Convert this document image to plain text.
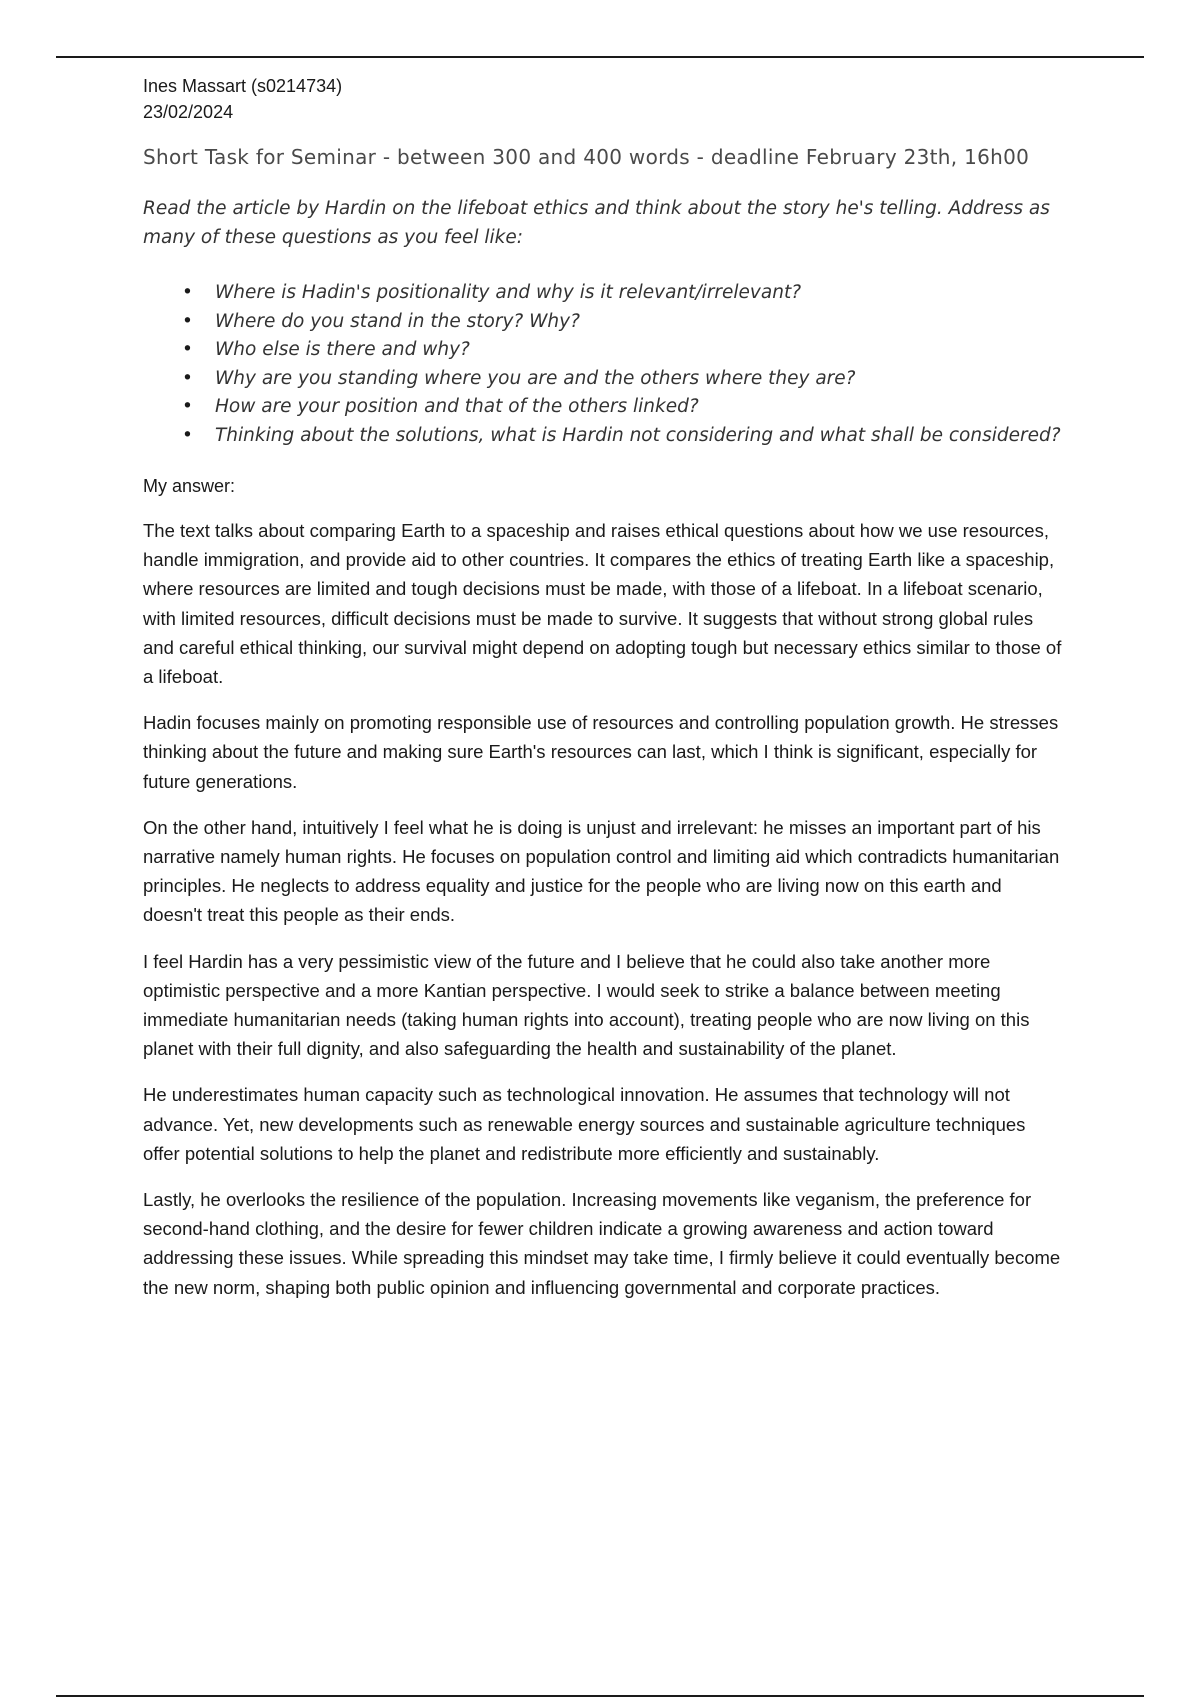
Ines Massart (s0214734)

23/02/2024

Short Task for Seminar - between 300 and 400 words - deadline February 23th, 16h00

Read the article by Hardin on the lifeboat ethics and think about the story he's telling. Address as many of these questions as you feel like:

• Where is Hadin's positionality and why is it relevant/irrelevant?
• Where do you stand in the story? Why?
• Who else is there and why?
• Why are you standing where you are and the others where they are?
• How are your position and that of the others linked?
• Thinking about the solutions, what is Hardin not considering and what shall be considered?

My answer:

The text talks about comparing Earth to a spaceship and raises ethical questions about how we use resources, handle immigration, and provide aid to other countries. It compares the ethics of treating Earth like a spaceship, where resources are limited and tough decisions must be made, with those of a lifeboat. In a lifeboat scenario, with limited resources, difficult decisions must be made to survive. It suggests that without strong global rules and careful ethical thinking, our survival might depend on adopting tough but necessary ethics similar to those of a lifeboat.

Hadin focuses mainly on promoting responsible use of resources and controlling population growth. He stresses thinking about the future and making sure Earth's resources can last, which I think is significant, especially for future generations.

On the other hand, intuitively I feel what he is doing is unjust and irrelevant: he misses an important part of his narrative namely human rights. He focuses on population control and limiting aid which contradicts humanitarian principles. He neglects to address equality and justice for the people who are living now on this earth and doesn't treat this people as their ends.

I feel Hardin has a very pessimistic view of the future and I believe that he could also take another more optimistic perspective and a more Kantian perspective. I would seek to strike a balance between meeting immediate humanitarian needs (taking human rights into account), treating people who are now living on this planet with their full dignity, and also safeguarding the health and sustainability of the planet.

He underestimates human capacity such as technological innovation. He assumes that technology will not advance. Yet, new developments such as renewable energy sources and sustainable agriculture techniques offer potential solutions to help the planet and redistribute more efficiently and sustainably.

Lastly, he overlooks the resilience of the population. Increasing movements like veganism, the preference for second-hand clothing, and the desire for fewer children indicate a growing awareness and action toward addressing these issues. While spreading this mindset may take time, I firmly believe it could eventually become the new norm, shaping both public opinion and influencing governmental and corporate practices.
